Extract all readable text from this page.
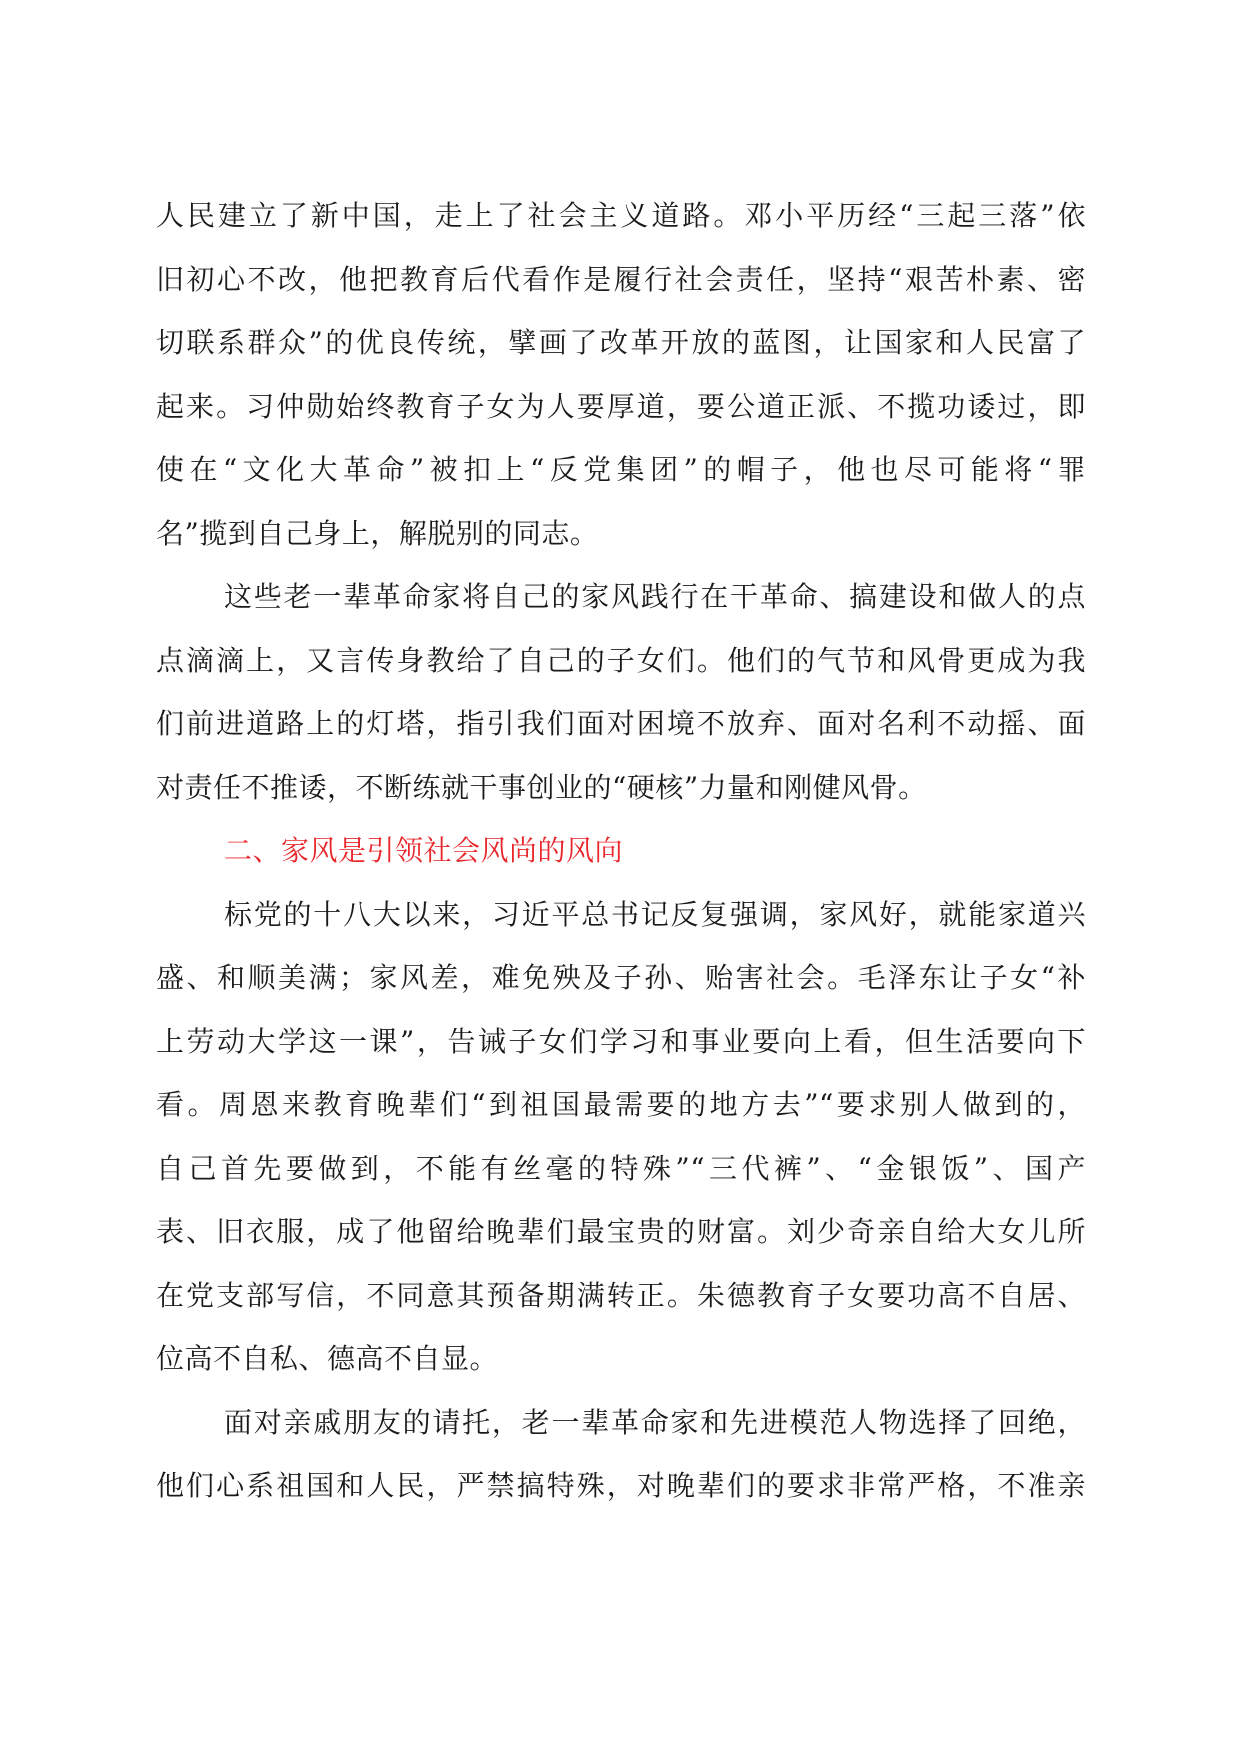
人民建立了新中国，走上了社会主义道路。邓小平历经“三起三落”依
旧初心不改，他把教育后代看作是履行社会责任，坚持“艰苦朴素、密
切联系群众”的优良传统，擘画了改革开放的蓝图，让国家和人民富了
起来。习仲勋始终教育子女为人要厚道，要公道正派、不揽功诿过，即
使在“文化大革命”被扣上“反党集团”的帽子，他也尽可能将“罪
名”揽到自己身上，解脱别的同志。
这些老一辈革命家将自己的家风践行在干革命、搞建设和做人的点
点滴滴上，又言传身教给了自己的子女们。他们的气节和风骨更成为我
们前进道路上的灯塔，指引我们面对困境不放弃、面对名利不动摇、面
对责任不推诿，不断练就干事创业的“硬核”力量和刚健风骨。
二、家风是引领社会风尚的风向
标党的十八大以来，习近平总书记反复强调，家风好，就能家道兴
盛、和顺美满；家风差，难免殃及子孙、贻害社会。毛泽东让子女“补
上劳动大学这一课”，告诫子女们学习和事业要向上看，但生活要向下
看。周恩来教育晚辈们“到祖国最需要的地方去”“要求别人做到的，
自己首先要做到，不能有丝毫的特殊”“三代裤”、“金银饭”、国产
表、旧衣服，成了他留给晚辈们最宝贵的财富。刘少奇亲自给大女儿所
在党支部写信，不同意其预备期满转正。朱德教育子女要功高不自居、
位高不自私、德高不自显。
面对亲戚朋友的请托，老一辈革命家和先进模范人物选择了回绝，
他们心系祖国和人民，严禁搞特殊，对晚辈们的要求非常严格，不准亲
